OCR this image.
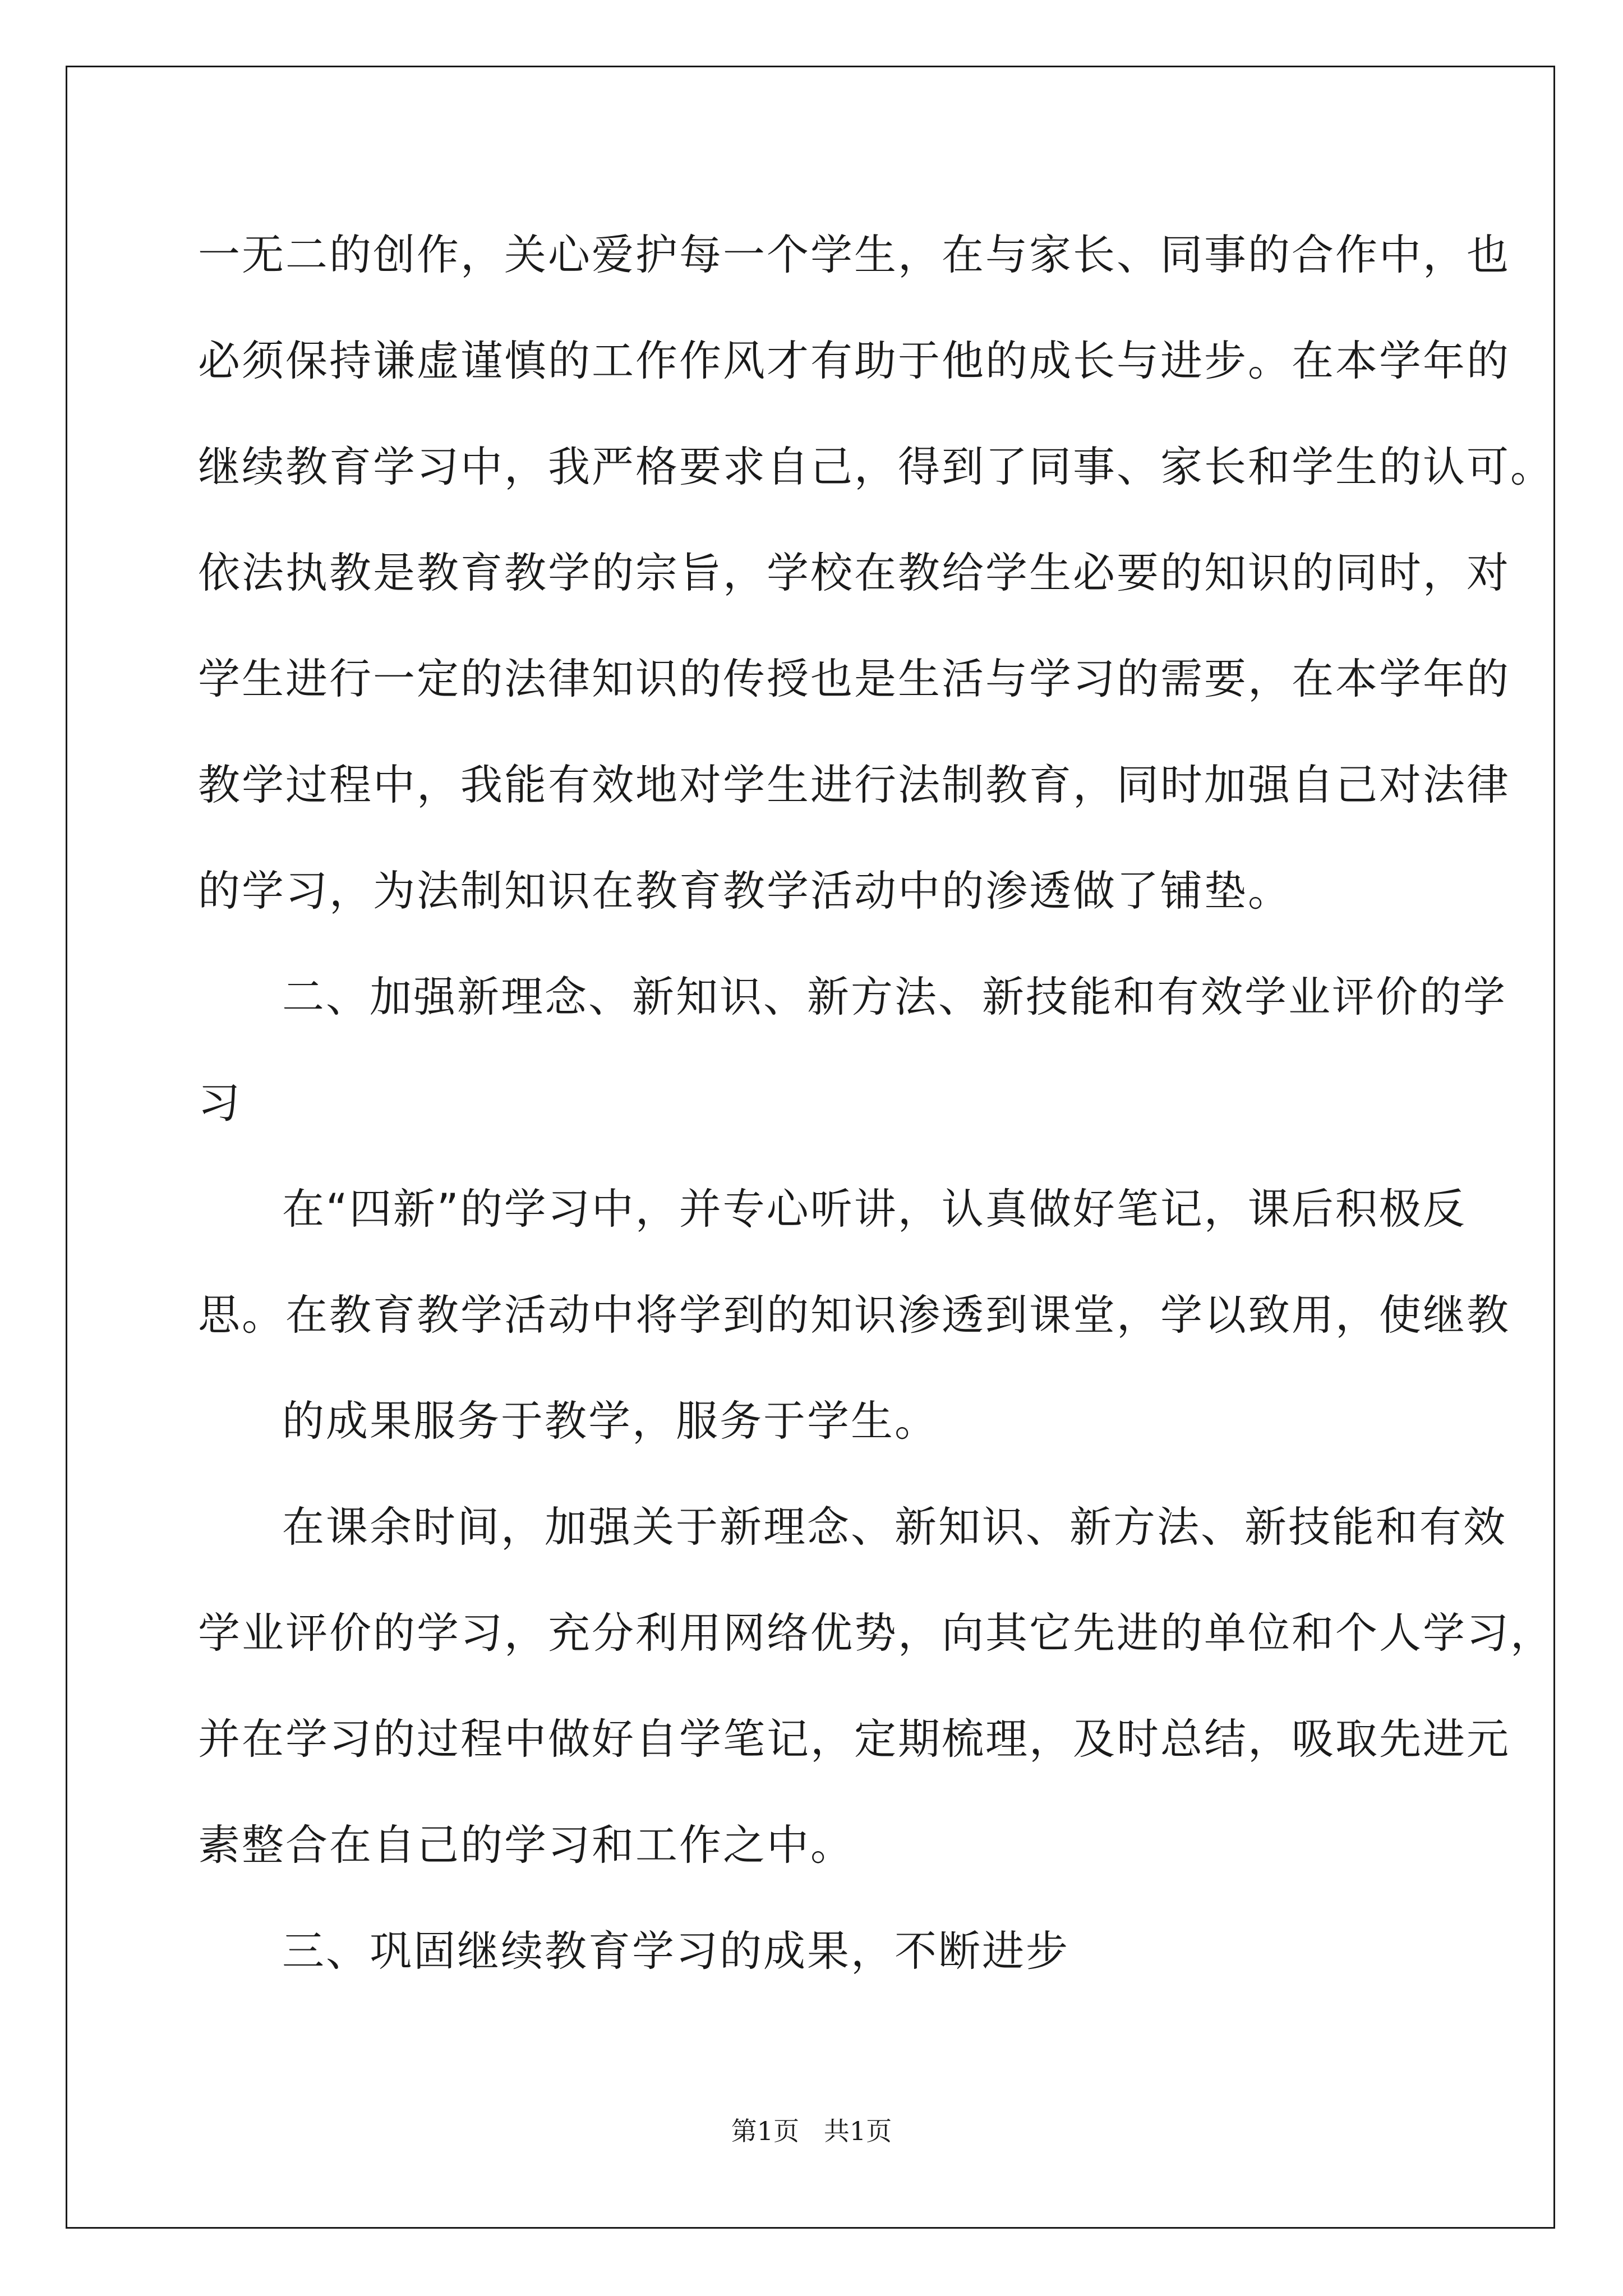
一无二的创作，关心爱护每一个学生，在与家长、同事的合作中，也
必须保持谦虚谨慎的工作作风才有助于他的成长与进步。在本学年的
继续教育学习中，我严格要求自己，得到了同事、家长和学生的认可。
依法执教是教育教学的宗旨，学校在教给学生必要的知识的同时，对
学生进行一定的法律知识的传授也是生活与学习的需要，在本学年的
教学过程中，我能有效地对学生进行法制教育，同时加强自己对法律
的学习，为法制知识在教育教学活动中的渗透做了铺垫。
二、加强新理念、新知识、新方法、新技能和有效学业评价的学
习
在“四新”的学习中，并专心听讲，认真做好笔记，课后积极反
思。在教育教学活动中将学到的知识渗透到课堂，学以致用，使继教
的成果服务于教学，服务于学生。
在课余时间，加强关于新理念、新知识、新方法、新技能和有效
学业评价的学习，充分利用网络优势，向其它先进的单位和个人学习，
并在学习的过程中做好自学笔记，定期梳理，及时总结，吸取先进元
素整合在自己的学习和工作之中。
三、巩固继续教育学习的成果，不断进步
第1页   共1页
